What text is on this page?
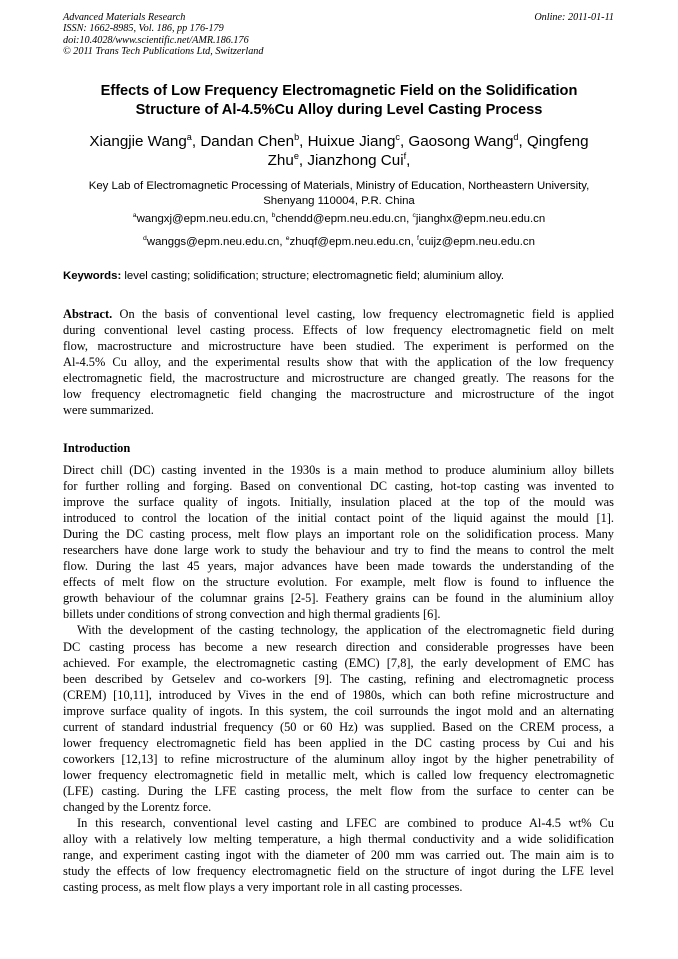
Advanced Materials Research
ISSN: 1662-8985, Vol. 186, pp 176-179
doi:10.4028/www.scientific.net/AMR.186.176
© 2011 Trans Tech Publications Ltd, Switzerland
Online: 2011-01-11
Effects of Low Frequency Electromagnetic Field on the Solidification
Structure of Al-4.5%Cu Alloy during Level Casting Process
Xiangjie Wang$^a$, Dandan Chen$^b$, Huixue Jiang$^c$, Gaosong Wang$^d$, Qingfeng
Zhu$^e$, Jianzhong Cui$^f$,
Key Lab of Electromagnetic Processing of Materials, Ministry of Education, Northeastern University,
Shenyang 110004, P.R. China
$^a$wangxj@epm.neu.edu.cn, $^b$chendd@epm.neu.edu.cn, $^c$jianghx@epm.neu.edu.cn
$^d$wanggs@epm.neu.edu.cn, $^e$zhuqf@epm.neu.edu.cn, $^f$cuijz@epm.neu.edu.cn
Keywords: level casting; solidification; structure; electromagnetic field; aluminium alloy.
Abstract. On the basis of conventional level casting, low frequency electromagnetic field is applied
during conventional level casting process. Effects of low frequency electromagnetic field on melt
flow, macrostructure and microstructure have been studied. The experiment is performed on the
Al-4.5% Cu alloy, and the experimental results show that with the application of the low frequency
electromagnetic field, the macrostructure and microstructure are changed greatly. The reasons for the
low frequency electromagnetic field changing the macrostructure and microstructure of the ingot
were summarized.
Introduction
Direct chill (DC) casting invented in the 1930s is a main method to produce aluminium alloy billets
for further rolling and forging. Based on conventional DC casting, hot-top casting was invented to
improve the surface quality of ingots. Initially, insulation placed at the top of the mould was
introduced to control the location of the initial contact point of the liquid against the mould [1].
During the DC casting process, melt flow plays an important role on the solidification process. Many
researchers have done large work to study the behaviour and try to find the means to control the melt
flow. During the last 45 years, major advances have been made towards the understanding of the
effects of melt flow on the structure evolution. For example, melt flow is found to influence the
growth behaviour of the columnar grains [2-5]. Feathery grains can be found in the aluminium alloy
billets under conditions of strong convection and high thermal gradients [6].
With the development of the casting technology, the application of the electromagnetic field during
DC casting process has become a new research direction and considerable progresses have been
achieved. For example, the electromagnetic casting (EMC) [7,8], the early development of EMC has
been described by Getselev and co-workers [9]. The casting, refining and electromagnetic process
(CREM) [10,11], introduced by Vives in the end of 1980s, which can both refine microstructure and
improve surface quality of ingots. In this system, the coil surrounds the ingot mold and an alternating
current of standard industrial frequency (50 or 60 Hz) was supplied. Based on the CREM process, a
lower frequency electromagnetic field has been applied in the DC casting process by Cui and his
coworkers [12,13] to refine microstructure of the aluminum alloy ingot by the higher penetrability of
lower frequency electromagnetic field in metallic melt, which is called low frequency electromagnetic
(LFE) casting. During the LFE casting process, the melt flow from the surface to center can be
changed by the Lorentz force.
In this research, conventional level casting and LFEC are combined to produce Al-4.5 wt% Cu
alloy with a relatively low melting temperature, a high thermal conductivity and a wide solidification
range, and experiment casting ingot with the diameter of 200 mm was carried out. The main aim is to
study the effects of low frequency electromagnetic field on the structure of ingot during the LFE level
casting process, as melt flow plays a very important role in all casting processes.
